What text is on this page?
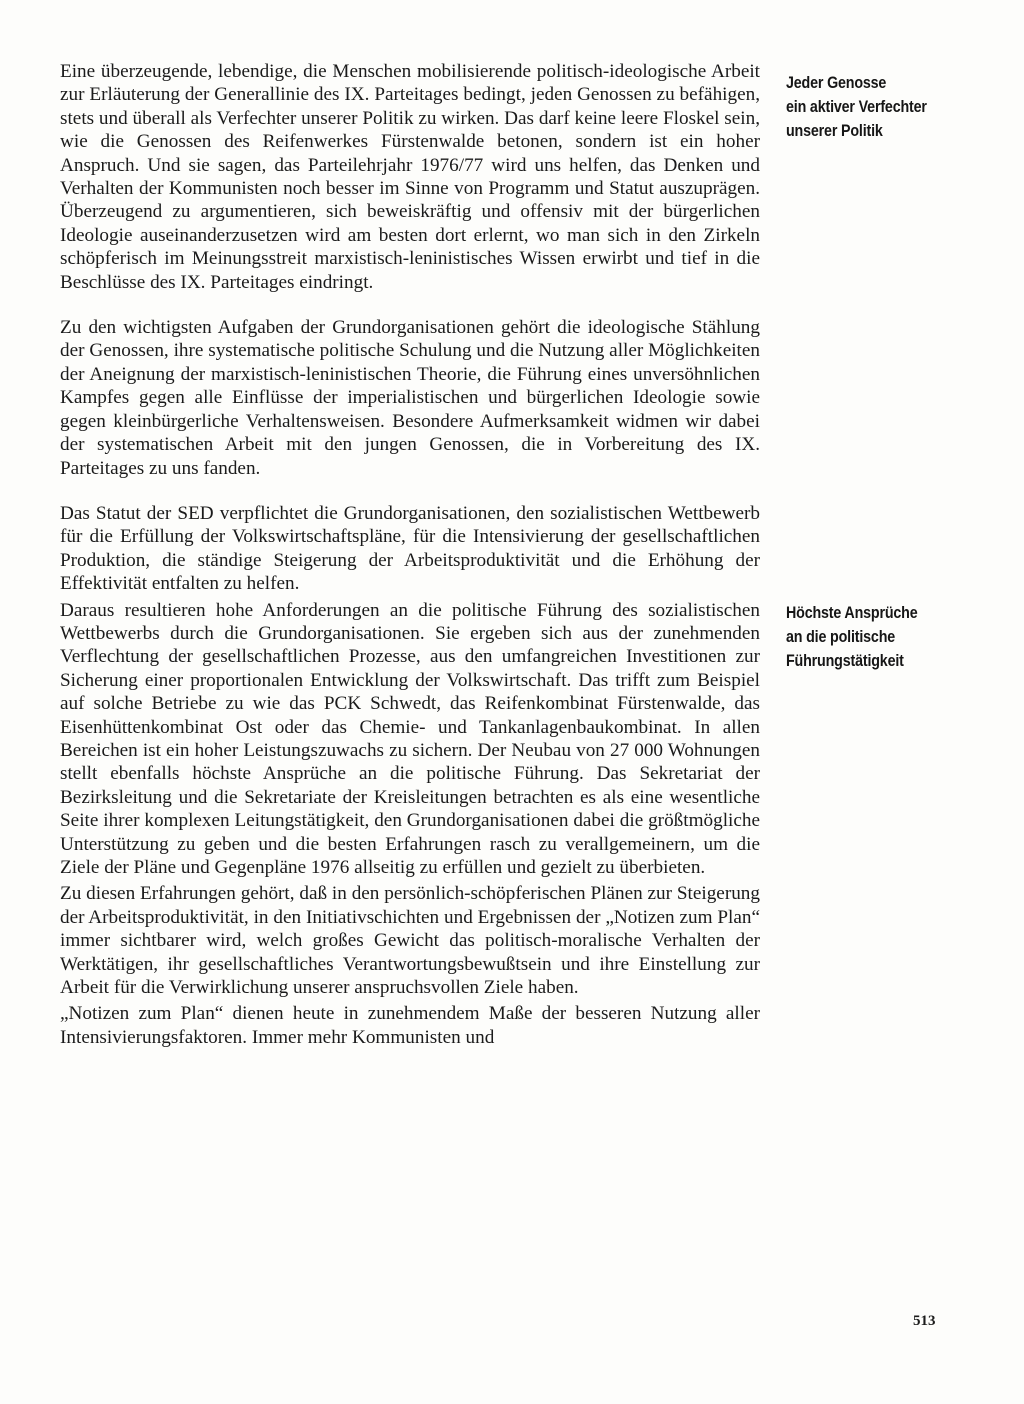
Eine überzeugende, lebendige, die Menschen mobilisierende politisch-ideologische Arbeit zur Erläuterung der Generallinie des IX. Parteitages bedingt, jeden Genossen zu befähigen, stets und überall als Verfechter unserer Politik zu wirken. Das darf keine leere Floskel sein, wie die Genossen des Reifenwerkes Fürstenwalde betonen, sondern ist ein hoher Anspruch. Und sie sagen, das Parteilehrjahr 1976/77 wird uns helfen, das Denken und Verhalten der Kommunisten noch besser im Sinne von Programm und Statut auszuprägen. Überzeugend zu argumentieren, sich beweiskräftig und offensiv mit der bürgerlichen Ideologie auseinanderzusetzen wird am besten dort erlernt, wo man sich in den Zirkeln schöpferisch im Meinungsstreit marxistisch-leninistisches Wissen erwirbt und tief in die Beschlüsse des IX. Parteitages eindringt.

Zu den wichtigsten Aufgaben der Grundorganisationen gehört die ideologische Stählung der Genossen, ihre systematische politische Schulung und die Nutzung aller Möglichkeiten der Aneignung der marxistisch-leninistischen Theorie, die Führung eines unversöhnlichen Kampfes gegen alle Einflüsse der imperialistischen und bürgerlichen Ideologie sowie gegen kleinbürgerliche Verhaltensweisen. Besondere Aufmerksamkeit widmen wir dabei der systematischen Arbeit mit den jungen Genossen, die in Vorbereitung des IX. Parteitages zu uns fanden.

Das Statut der SED verpflichtet die Grundorganisationen, den sozialistischen Wettbewerb für die Erfüllung der Volkswirtschaftspläne, für die Intensivierung der gesellschaftlichen Produktion, die ständige Steigerung der Arbeitsproduktivität und die Erhöhung der Effektivität entfalten zu helfen.

Daraus resultieren hohe Anforderungen an die politische Führung des sozialistischen Wettbewerbs durch die Grundorganisationen. Sie ergeben sich aus der zunehmenden Verflechtung der gesellschaftlichen Prozesse, aus den umfangreichen Investitionen zur Sicherung einer proportionalen Entwicklung der Volkswirtschaft. Das trifft zum Beispiel auf solche Betriebe zu wie das PCK Schwedt, das Reifenkombinat Fürstenwalde, das Eisenhüttenkombinat Ost oder das Chemie- und Tankanlagenbaukombinat. In allen Bereichen ist ein hoher Leistungszuwachs zu sichern. Der Neubau von 27 000 Wohnungen stellt ebenfalls höchste Ansprüche an die politische Führung. Das Sekretariat der Bezirksleitung und die Sekretariate der Kreisleitungen betrachten es als eine wesentliche Seite ihrer komplexen Leitungstätigkeit, den Grundorganisationen dabei die größtmögliche Unterstützung zu geben und die besten Erfahrungen rasch zu verallgemeinern, um die Ziele der Pläne und Gegenpläne 1976 allseitig zu erfüllen und gezielt zu überbieten.

Zu diesen Erfahrungen gehört, daß in den persönlich-schöpferischen Plänen zur Steigerung der Arbeitsproduktivität, in den Initiativschichten und Ergebnissen der „Notizen zum Plan“ immer sichtbarer wird, welch großes Gewicht das politisch-moralische Verhalten der Werktätigen, ihr gesellschaftliches Verantwortungsbewußtsein und ihre Einstellung zur Arbeit für die Verwirklichung unserer anspruchsvollen Ziele haben.

„Notizen zum Plan“ dienen heute in zunehmendem Maße der besseren Nutzung aller Intensivierungsfaktoren. Immer mehr Kommunisten und

Jeder Genosse
ein aktiver Verfechter
unserer Politik
Höchste Ansprüche
an die politische
Führungstätigkeit
513
